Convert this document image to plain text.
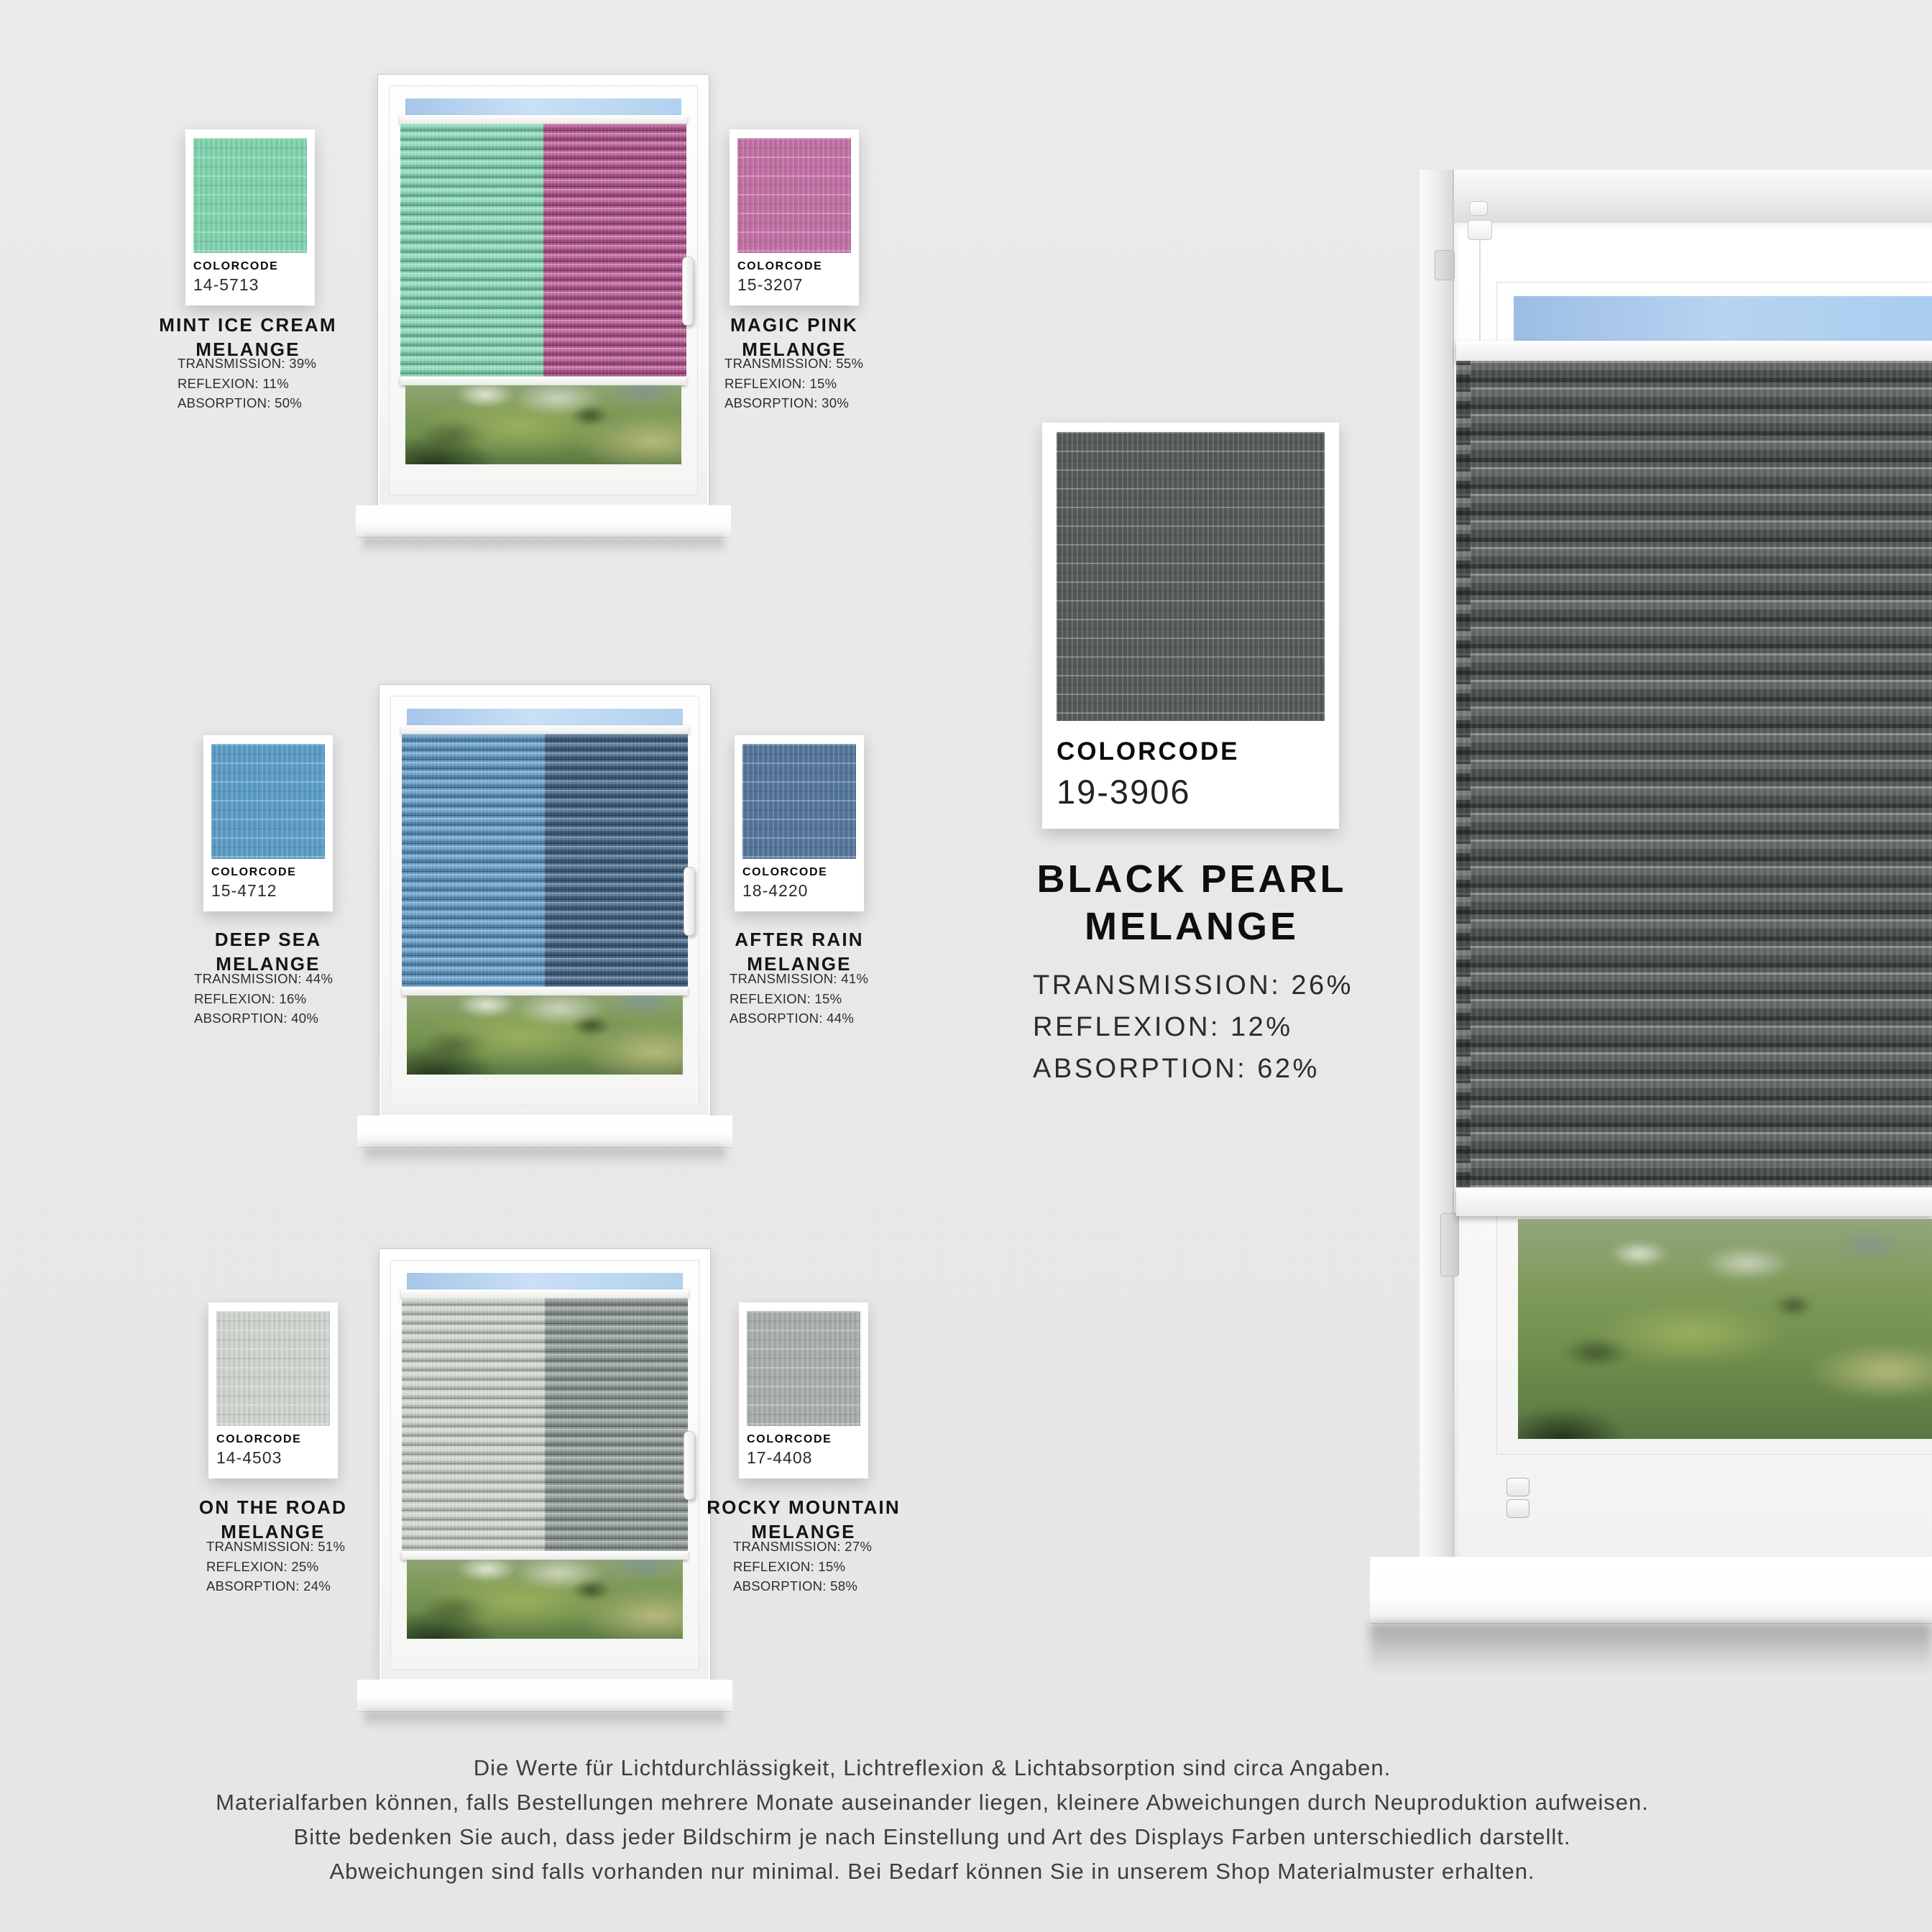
COLORCODE
14-5713
MINT ICE CREAM
MELANGE
TRANSMISSION: 39%
REFLEXION: 11%
ABSORPTION: 50%
COLORCODE
15-3207
MAGIC PINK
MELANGE
TRANSMISSION: 55%
REFLEXION: 15%
ABSORPTION: 30%
COLORCODE
15-4712
DEEP SEA
MELANGE
TRANSMISSION: 44%
REFLEXION: 16%
ABSORPTION: 40%
COLORCODE
18-4220
AFTER RAIN
MELANGE
TRANSMISSION: 41%
REFLEXION: 15%
ABSORPTION: 44%
COLORCODE
14-4503
ON THE ROAD
MELANGE
TRANSMISSION: 51%
REFLEXION: 25%
ABSORPTION: 24%
COLORCODE
17-4408
ROCKY MOUNTAIN
MELANGE
TRANSMISSION: 27%
REFLEXION: 15%
ABSORPTION: 58%
COLORCODE
19-3906
BLACK PEARL
MELANGE
TRANSMISSION: 26%
REFLEXION: 12%
ABSORPTION: 62%
Die Werte für Lichtdurchlässigkeit, Lichtreflexion & Lichtabsorption sind circa Angaben.
Materialfarben können, falls Bestellungen mehrere Monate auseinander liegen, kleinere Abweichungen durch Neuproduktion aufweisen.
Bitte bedenken Sie auch, dass jeder Bildschirm je nach Einstellung und Art des Displays Farben unterschiedlich darstellt.
Abweichungen sind falls vorhanden nur minimal. Bei Bedarf können Sie in unserem Shop Materialmuster erhalten.
